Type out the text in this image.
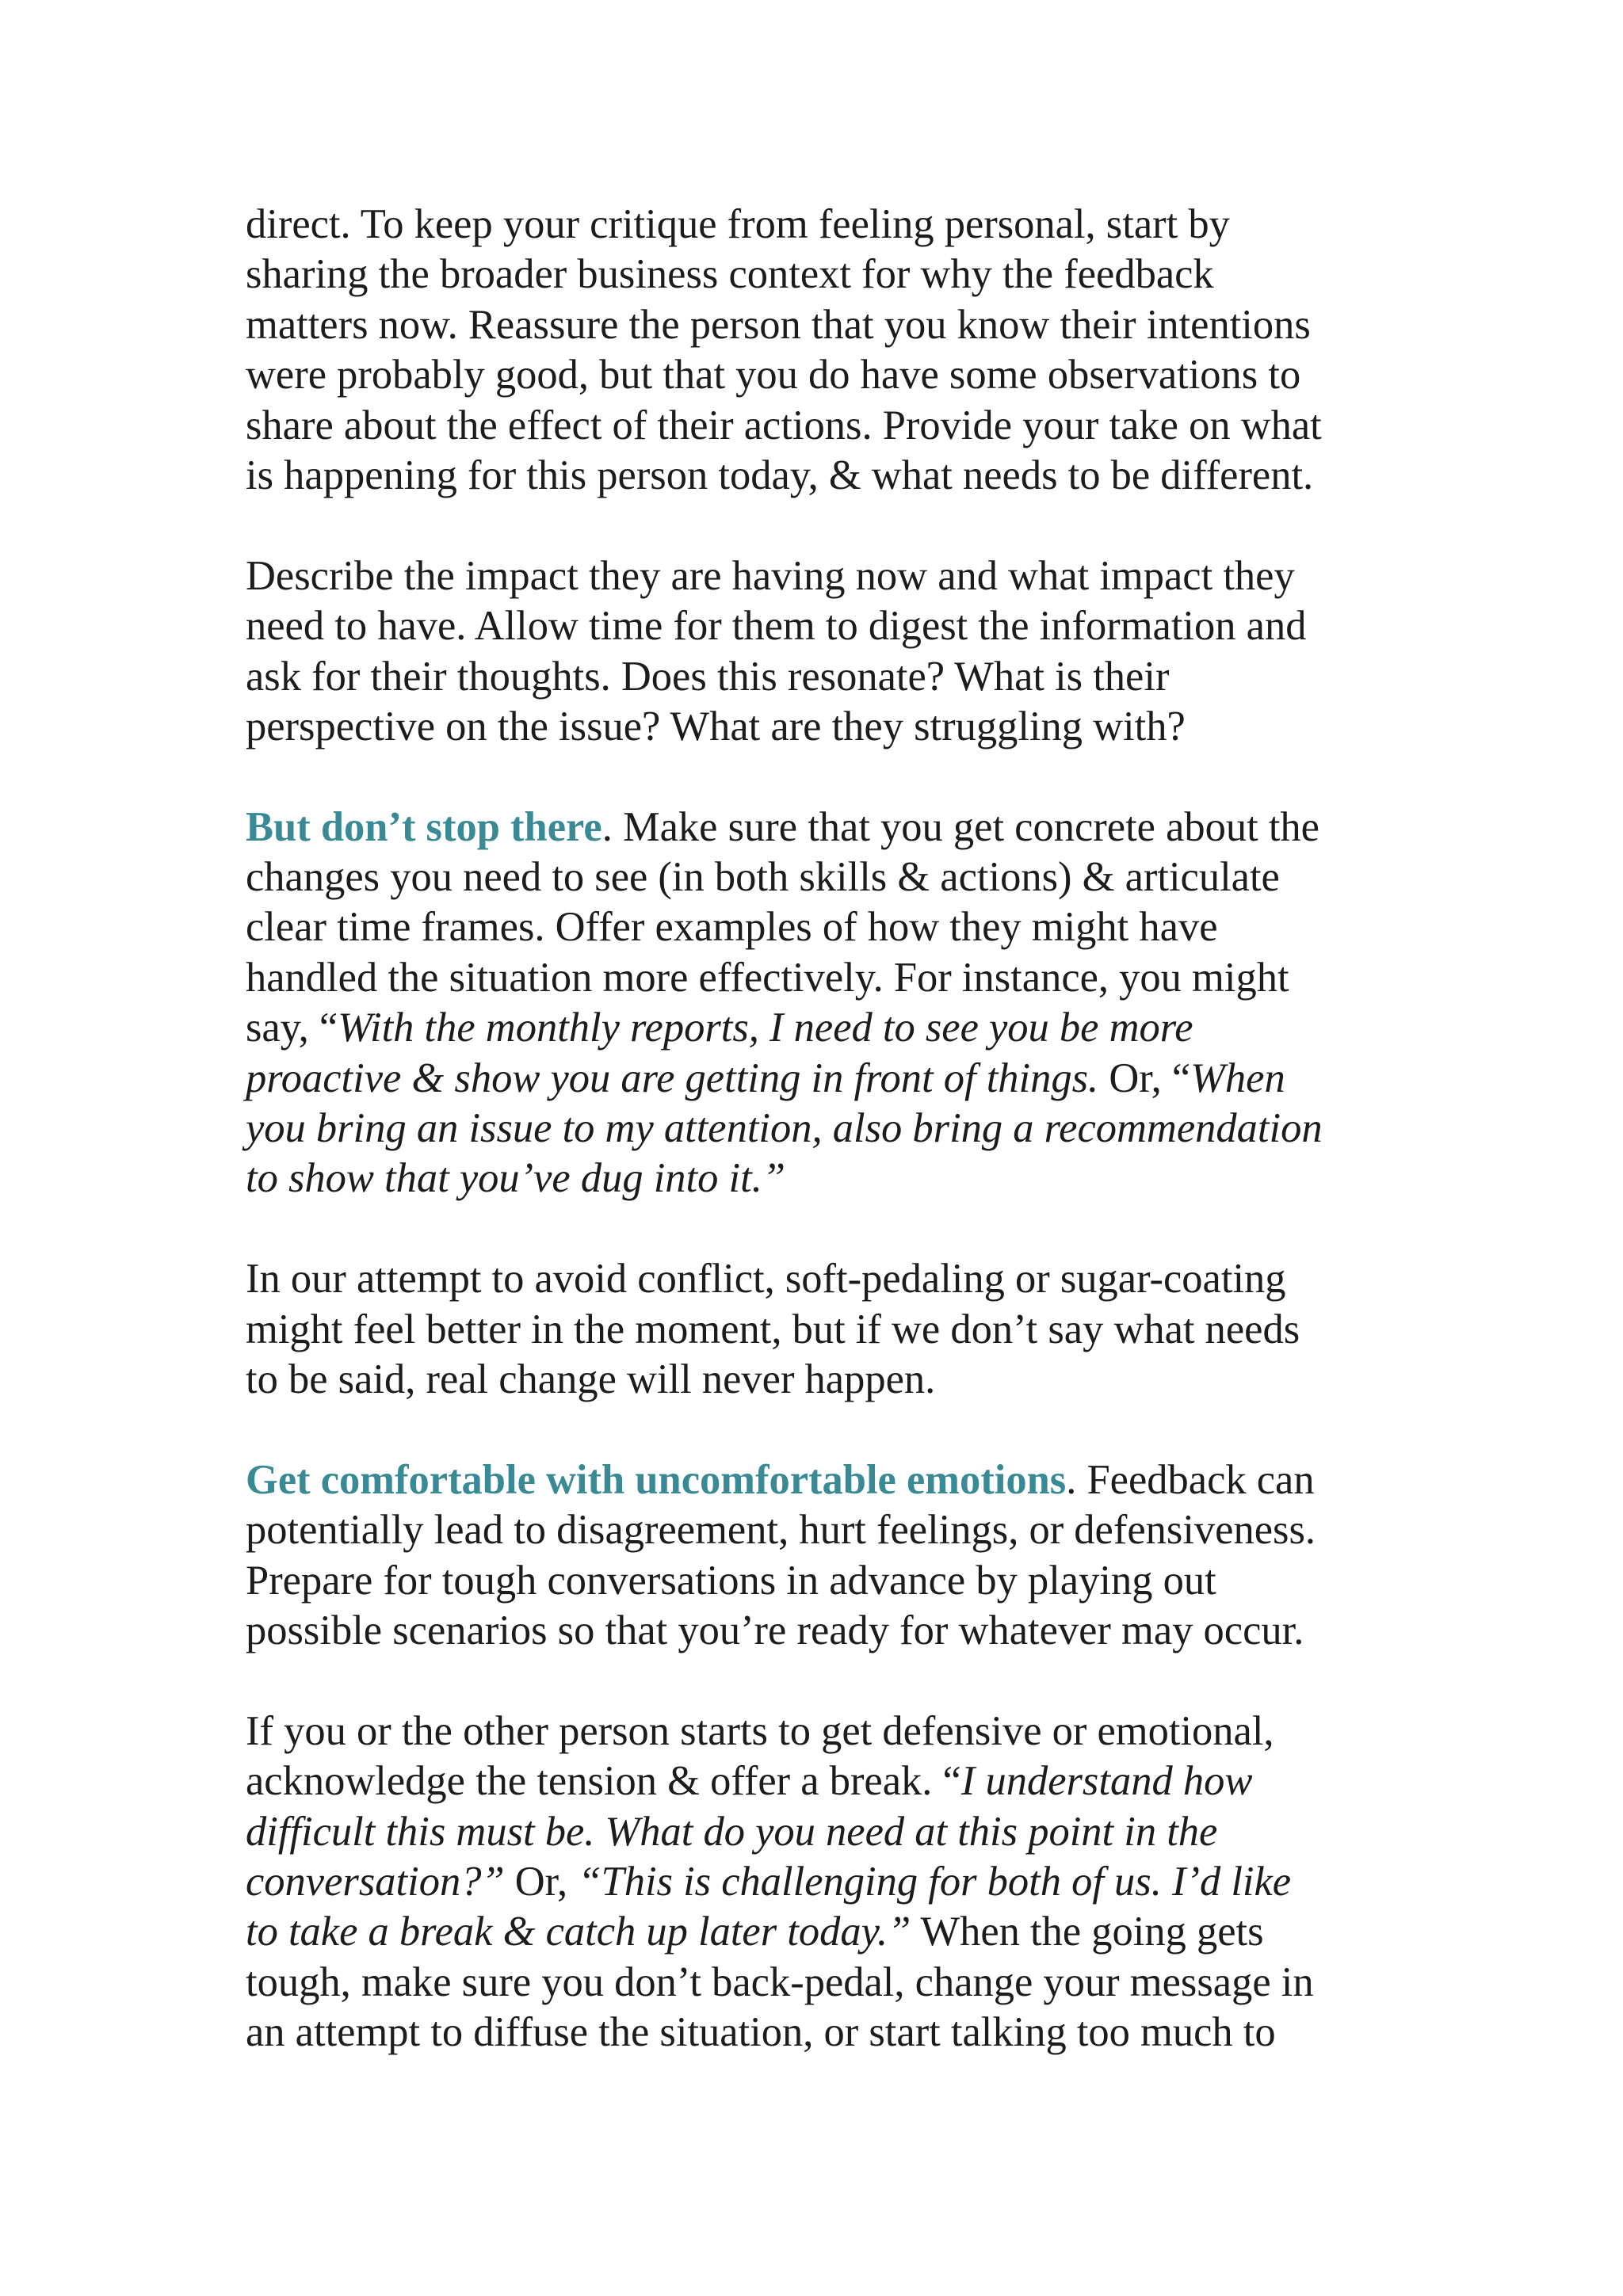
direct. To keep your critique from feeling personal, start by
sharing the broader business context for why the feedback
matters now. Reassure the person that you know their intentions
were probably good, but that you do have some observations to
share about the effect of their actions. Provide your take on what
is happening for this person today, & what needs to be different.

Describe the impact they are having now and what impact they
need to have. Allow time for them to digest the information and
ask for their thoughts. Does this resonate? What is their
perspective on the issue? What are they struggling with?

But don’t stop there. Make sure that you get concrete about the
changes you need to see (in both skills & actions) & articulate
clear time frames. Offer examples of how they might have
handled the situation more effectively. For instance, you might
say, “With the monthly reports, I need to see you be more
proactive & show you are getting in front of things. Or, “When
you bring an issue to my attention, also bring a recommendation
to show that you’ve dug into it.”

In our attempt to avoid conflict, soft-pedaling or sugar-coating
might feel better in the moment, but if we don’t say what needs
to be said, real change will never happen.

Get comfortable with uncomfortable emotions. Feedback can
potentially lead to disagreement, hurt feelings, or defensiveness.
Prepare for tough conversations in advance by playing out
possible scenarios so that you’re ready for whatever may occur.

If you or the other person starts to get defensive or emotional,
acknowledge the tension & offer a break. “I understand how
difficult this must be. What do you need at this point in the
conversation?” Or, “This is challenging for both of us. I’d like
to take a break & catch up later today.” When the going gets
tough, make sure you don’t back-pedal, change your message in
an attempt to diffuse the situation, or start talking too much to
